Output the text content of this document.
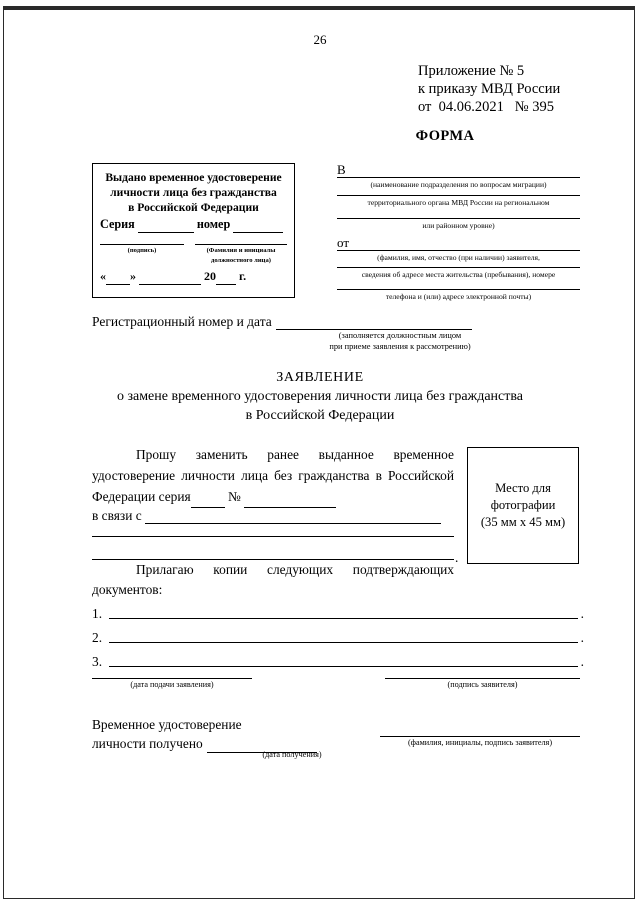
26
Приложение № 5
к приказу МВД России
от  04.06.2021   № 395
ФОРМА
Выдано временное удостоверение
личности лица без гражданства
в Российской Федерации
Серия	номер
(подпись)	(Фамилия и инициалы
должностного лица)
« »	20 г.
В
(наименование подразделения по вопросам миграции)
территориального органа МВД России на региональном
или районном уровне)
от
(фамилия, имя, отчество (при наличии) заявителя,
сведения об адресе места жительства (пребывания), номере
телефона и (или) адресе электронной почты)
Регистрационный номер и дата
(заполняется должностным лицом
при приеме заявления к рассмотрению)
ЗАЯВЛЕНИЕ
о замене временного удостоверения личности лица без гражданства
в Российской Федерации

Прошу заменить ранее выданное временное удостоверение личности лица без гражданства в Российской Федерации серия	№

в связи с
.
Место для
фотографии
(35 мм х 45 мм)

Прилагаю копии следующих подтверждающих документов:

1.	.
2.	.
3.	.
(дата подачи заявления)	(подпись заявителя)
Временное удостоверение
личности получено
(дата получения)
(фамилия, инициалы, подпись заявителя)
